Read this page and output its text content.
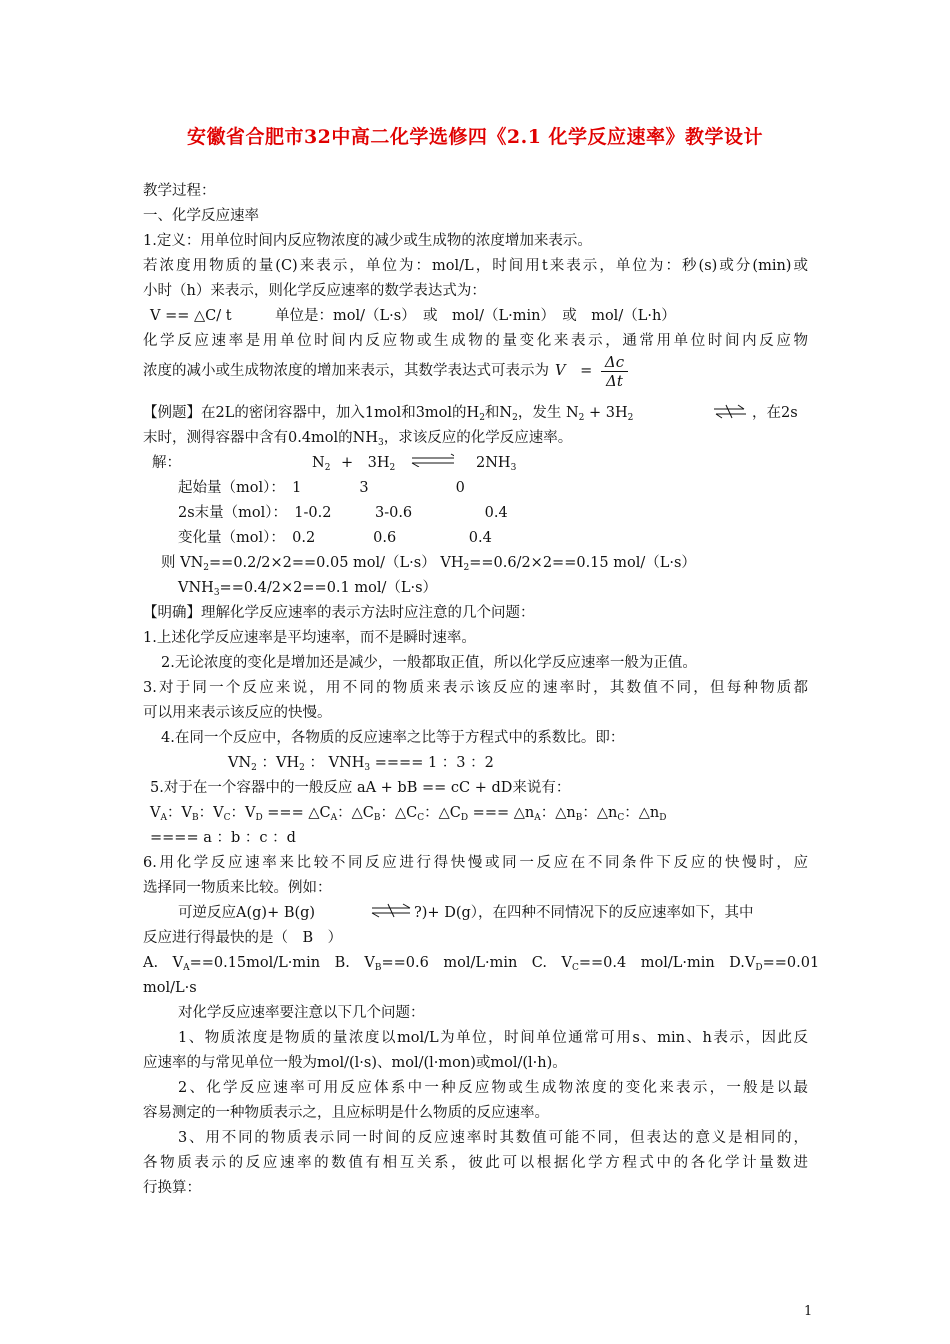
安徽省合肥市32中高二化学选修四《2.1 化学反应速率》教学设计
教学过程：
一、化学反应速率
1.定义：用单位时间内反应物浓度的减少或生成物的浓度增加来表示。
若浓度用物质的量(C)来表示，单位为：mol/L，时间用t来表示，单位为：秒(s)或分(min)或
小时（h）来表示，则化学反应速率的数学表达式为：
V == △C/ t　　　单位是：mol/（L·s）　或　mol/（L·min）　或　mol/（L·h）
化学反应速率是用单位时间内反应物或生成物的量变化来表示，通常用单位时间内反应物
浓度的减小或生成物浓度的增加来表示，其数学表达式可表示为 $V = \frac{\Delta c}{\Delta t}$
【例题】在2L的密闭容器中，加入1mol和3mol的$H_2$和$N_2$，发生 $N_2 + 3H_2$	⇌ ，在2s
末时，测得容器中含有0.4mol的$NH_3$，求该反应的化学反应速率。
解：	$N_2$ +　$3H_2$ ⇌ $2NH_3$
起始量（mol）：　1　　　　3　　　　　　0
2s末量（mol）：　1-0.2　　　3-0.6　　　　　0.4
变化量（mol）：　0.2　　　　0.6　　　　　0.4
则 $VN_2==0.2/2\times 2==0.05$ mol/（L·s） $VH_2==0.6/2\times 2==0.15$ mol/（L·s）
$VNH_3==0.4/2\times 2==0.1$ mol/（L·s）
【明确】理解化学反应速率的表示方法时应注意的几个问题：
1.上述化学反应速率是平均速率，而不是瞬时速率。
2.无论浓度的变化是增加还是减少，一般都取正值，所以化学反应速率一般为正值。
3.对于同一个反应来说，用不同的物质来表示该反应的速率时，其数值不同，但每种物质都
可以用来表示该反应的快慢。
4.在同一个反应中，各物质的反应速率之比等于方程式中的系数比。即：
$VN_2$ ：$VH_2$ ： $VNH_3$ ==== 1 ：3 ：2
5.对于在一个容器中的一般反应 aA + bB == cC + dD来说有：
$V_A$：$V_B$：$V_C$：$V_D$ === $\triangle C_A$：$\triangle C_B$：$\triangle C_C$：$\triangle C_D$ === $\triangle n_A$：$\triangle n_B$：$\triangle n_C$：$\triangle n_D$
==== a ：b ：c ：d
6.用化学反应速率来比较不同反应进行得快慢或同一反应在不同条件下反应的快慢时，应
选择同一物质来比较。例如：
可逆反应A(g)+ B(g)	⇌ ?)+ D(g），在四种不同情况下的反应速率如下，其中
反应进行得最快的是（　B　）
A.　$V_A==0.15mol/L\cdot\min$　B.　$V_B==0.6$　mol/L·min　C.　$V_C==0.4$　mol/L·min　$D.V_D==0.01$
mol/L·s
对化学反应速率要注意以下几个问题：
1、物质浓度是物质的量浓度以mol/L为单位，时间单位通常可用s、min、h表示，因此反
应速率的与常见单位一般为mol/(l·s)、mol/(l·mon)或mol/(l·h)。
2、化学反应速率可用反应体系中一种反应物或生成物浓度的变化来表示，一般是以最
容易测定的一种物质表示之，且应标明是什么物质的反应速率。
3、用不同的物质表示同一时间的反应速率时其数值可能不同，但表达的意义是相同的，
各物质表示的反应速率的数值有相互关系，彼此可以根据化学方程式中的各化学计量数进
行换算：
1
